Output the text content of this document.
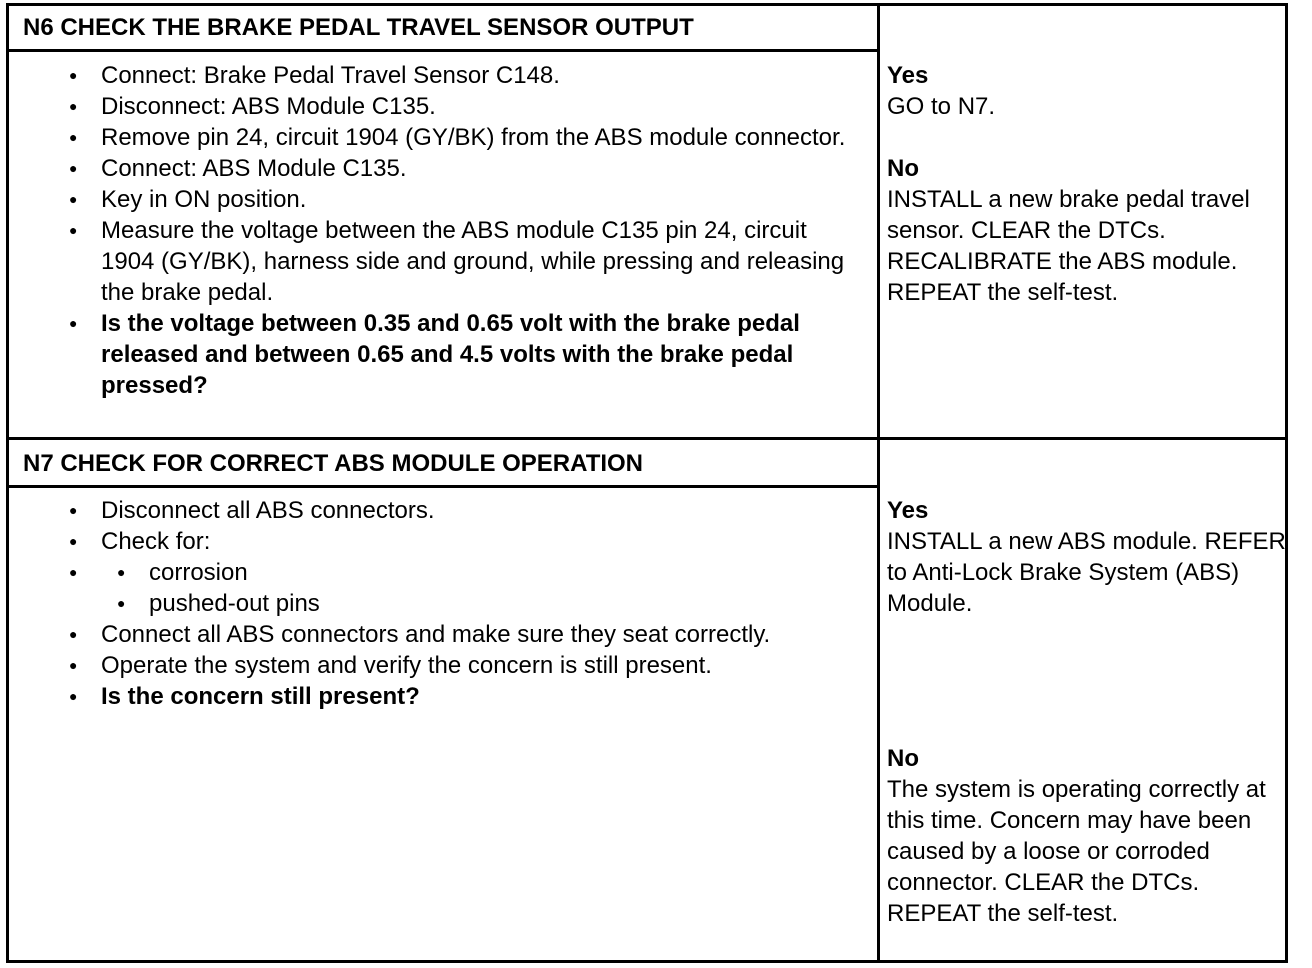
N6 CHECK THE BRAKE PEDAL TRAVEL SENSOR OUTPUT
● Connect: Brake Pedal Travel Sensor C148.
● Disconnect: ABS Module C135.
● Remove pin 24, circuit 1904 (GY/BK) from the ABS module connector.
● Connect: ABS Module C135.
● Key in ON position.
● Measure the voltage between the ABS module C135 pin 24, circuit 1904 (GY/BK), harness side and ground, while pressing and releasing the brake pedal.
● Is the voltage between 0.35 and 0.65 volt with the brake pedal released and between 0.65 and 4.5 volts with the brake pedal pressed?
Yes
GO to N7.
No
INSTALL a new brake pedal travel sensor. CLEAR the DTCs. RECALIBRATE the ABS module. REPEAT the self-test.
N7 CHECK FOR CORRECT ABS MODULE OPERATION
● Disconnect all ABS connectors.
● Check for:
● ● corrosion
● pushed-out pins
● Connect all ABS connectors and make sure they seat correctly.
● Operate the system and verify the concern is still present.
● Is the concern still present?
Yes
INSTALL a new ABS module. REFER to Anti-Lock Brake System (ABS) Module.
No
The system is operating correctly at this time. Concern may have been caused by a loose or corroded connector. CLEAR the DTCs. REPEAT the self-test.
